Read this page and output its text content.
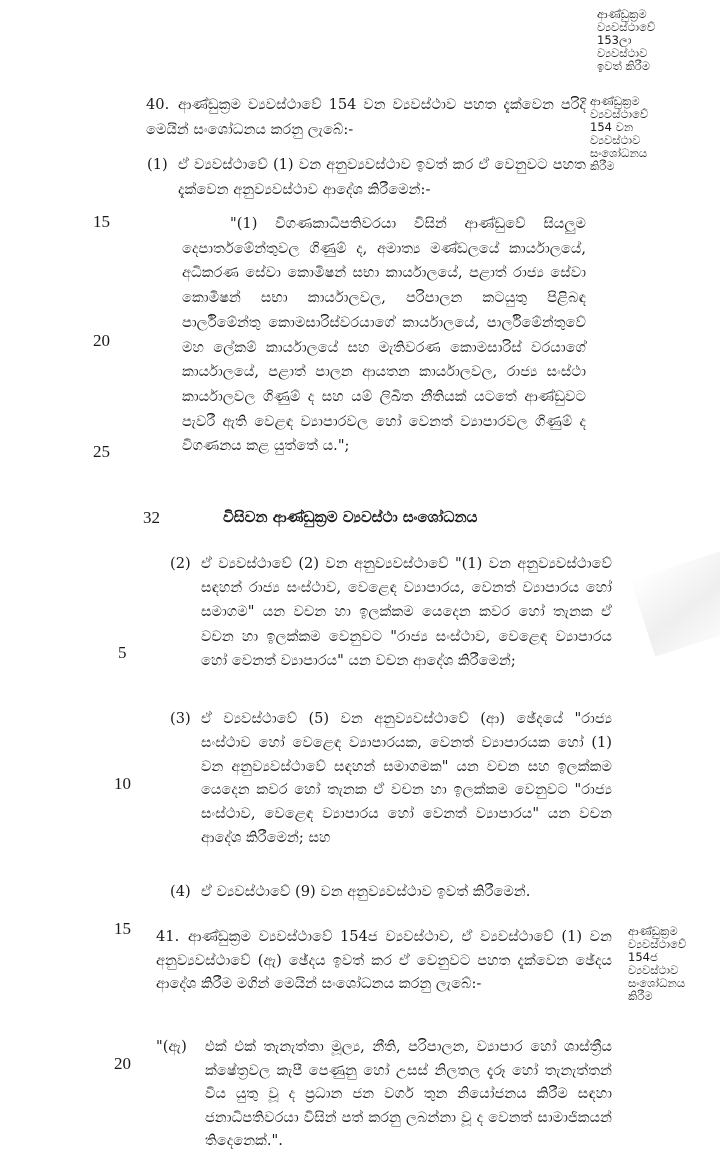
ආණ්ඩුක්‍රම
ව්‍යවස්ථාවේ
153ලා
ව්‍යවස්ථාව
ඉවත් කිරීම
ආණ්ඩුක්‍රම
ව්‍යවස්ථාවේ
154 වන
ව්‍යවස්ථාව
සංශෝධනය
කිරීම
40. ආණ්ඩුක්‍රම ව්‍යවස්ථාවේ 154 වන ව්‍යවස්ථාව පහත දැක්වෙන පරිදි මෙයින් සංශෝධනය කරනු ලැබේ:-
(1) ඒ ව්‍යවස්ථාවේ (1) වන අනුව්‍යවස්ථාව ඉවත් කර ඒ වෙනුවට පහත දැක්වෙන අනුව්‍යවස්ථාව ආදේශ කිරීමෙන්:-
15
20
25
"(1) විගණකාධිපතිවරයා විසින් ආණ්ඩුවේ සියලුම දෙපාර්තමේන්තුවල ගිණුම් ද, අමාත්‍ය මණ්ඩලයේ කාර්යාලයේ, අධිකරණ සේවා කොමිෂන් සභා කාර්යාලයේ, පළාත් රාජ්‍ය සේවා කොමිෂන් සභා කාර්යාලවල, පරිපාලන කටයුතු පිළිබඳ පාර්ලිමේන්තු කොමසාරිස්වරයාගේ කාර්යාලයේ, පාර්ලිමේන්තුවේ මහ ලේකම් කාර්යාලයේ සහ මැතිවරණ කොමසාරිස් වරයාගේ කාර්යාලයේ, පළාත් පාලන ආයතන කාර්යාලවල, රාජ්‍ය සංස්ථා කාර්යාලවල ගිණුම් ද සහ යම් ලිඛිත නීතියක් යටතේ ආණ්ඩුවට පැවරී ඇති වෙළඳ ව්‍යාපාරවල හෝ වෙනත් ව්‍යාපාරවල ගිණුම් ද විගණනය කළ යුත්තේ ය.";
32	විසිවන ආණ්ඩුක්‍රම ව්‍යවස්ථා සංශෝධනය
(2) ඒ ව්‍යවස්ථාවේ (2) වන අනුව්‍යවස්ථාවේ "(1) වන අනුව්‍යවස්ථාවේ සඳහන් රාජ්‍ය සංස්ථාව, වෙළෙඳ ව්‍යාපාරය, වෙනත් ව්‍යාපාරය හෝ සමාගම" යන වචන හා ඉලක්කම යෙදෙන කවර හෝ තැනක ඒ වචන හා ඉලක්කම වෙනුවට "රාජ්‍ය සංස්ථාව, වෙළෙඳ ව්‍යාපාරය හෝ වෙනත් ව්‍යාපාරය" යන වචන ආදේශ කිරීමෙන්;
(3) ඒ ව්‍යවස්ථාවේ (5) වන අනුව්‍යවස්ථාවේ (ආ) ඡේදයේ "රාජ්‍ය සංස්ථාව හෝ වෙළෙඳ ව්‍යාපාරයක, වෙනත් ව්‍යාපාරයක හෝ (1) වන අනුව්‍යවස්ථාවේ සඳහන් සමාගමක" යන වචන සහ ඉලක්කම යෙදෙන කවර හෝ තැනක ඒ වචන හා ඉලක්කම වෙනුවට "රාජ්‍ය සංස්ථාව, වෙළෙඳ ව්‍යාපාරය හෝ වෙනත් ව්‍යාපාරය" යන වචන ආදේශ කිරීමෙන්; සහ
(4) ඒ ව්‍යවස්ථාවේ (9) වන අනුව්‍යවස්ථාව ඉවත් කිරීමෙන්.
5
10
15
20
41. ආණ්ඩුක්‍රම ව්‍යවස්ථාවේ 154ජ ව්‍යවස්ථාව, ඒ ව්‍යවස්ථාවේ (1) වන අනුව්‍යවස්ථාවේ (ඇ) ඡේදය ඉවත් කර ඒ වෙනුවට පහත දැක්වෙන ඡේදය ආදේශ කිරීම මගින් මෙයින් සංශෝධනය කරනු ලැබේ:-
ආණ්ඩුක්‍රම
ව්‍යවස්ථාවේ
154ජ
ව්‍යවස්ථාව
සංශෝධනය
කිරීම
"(ඇ)	එක් එක් තැනැත්තා මූල්‍ය, නීති, පරිපාලන, ව්‍යාපාර හෝ ශාස්ත්‍රීය ක්ෂේත්‍රවල කැපී පෙණුනු හෝ උසස් නිලතල දැරූ හෝ තැනැත්තන් විය යුතු වූ ද ප්‍රධාන ජන වර්ග තුන නියෝජනය කිරීම සඳහා ජනාධිපතිවරයා විසින් පත් කරනු ලබන්නා වූ ද වෙනත් සාමාජිකයන් තිදෙනෙක්.".
